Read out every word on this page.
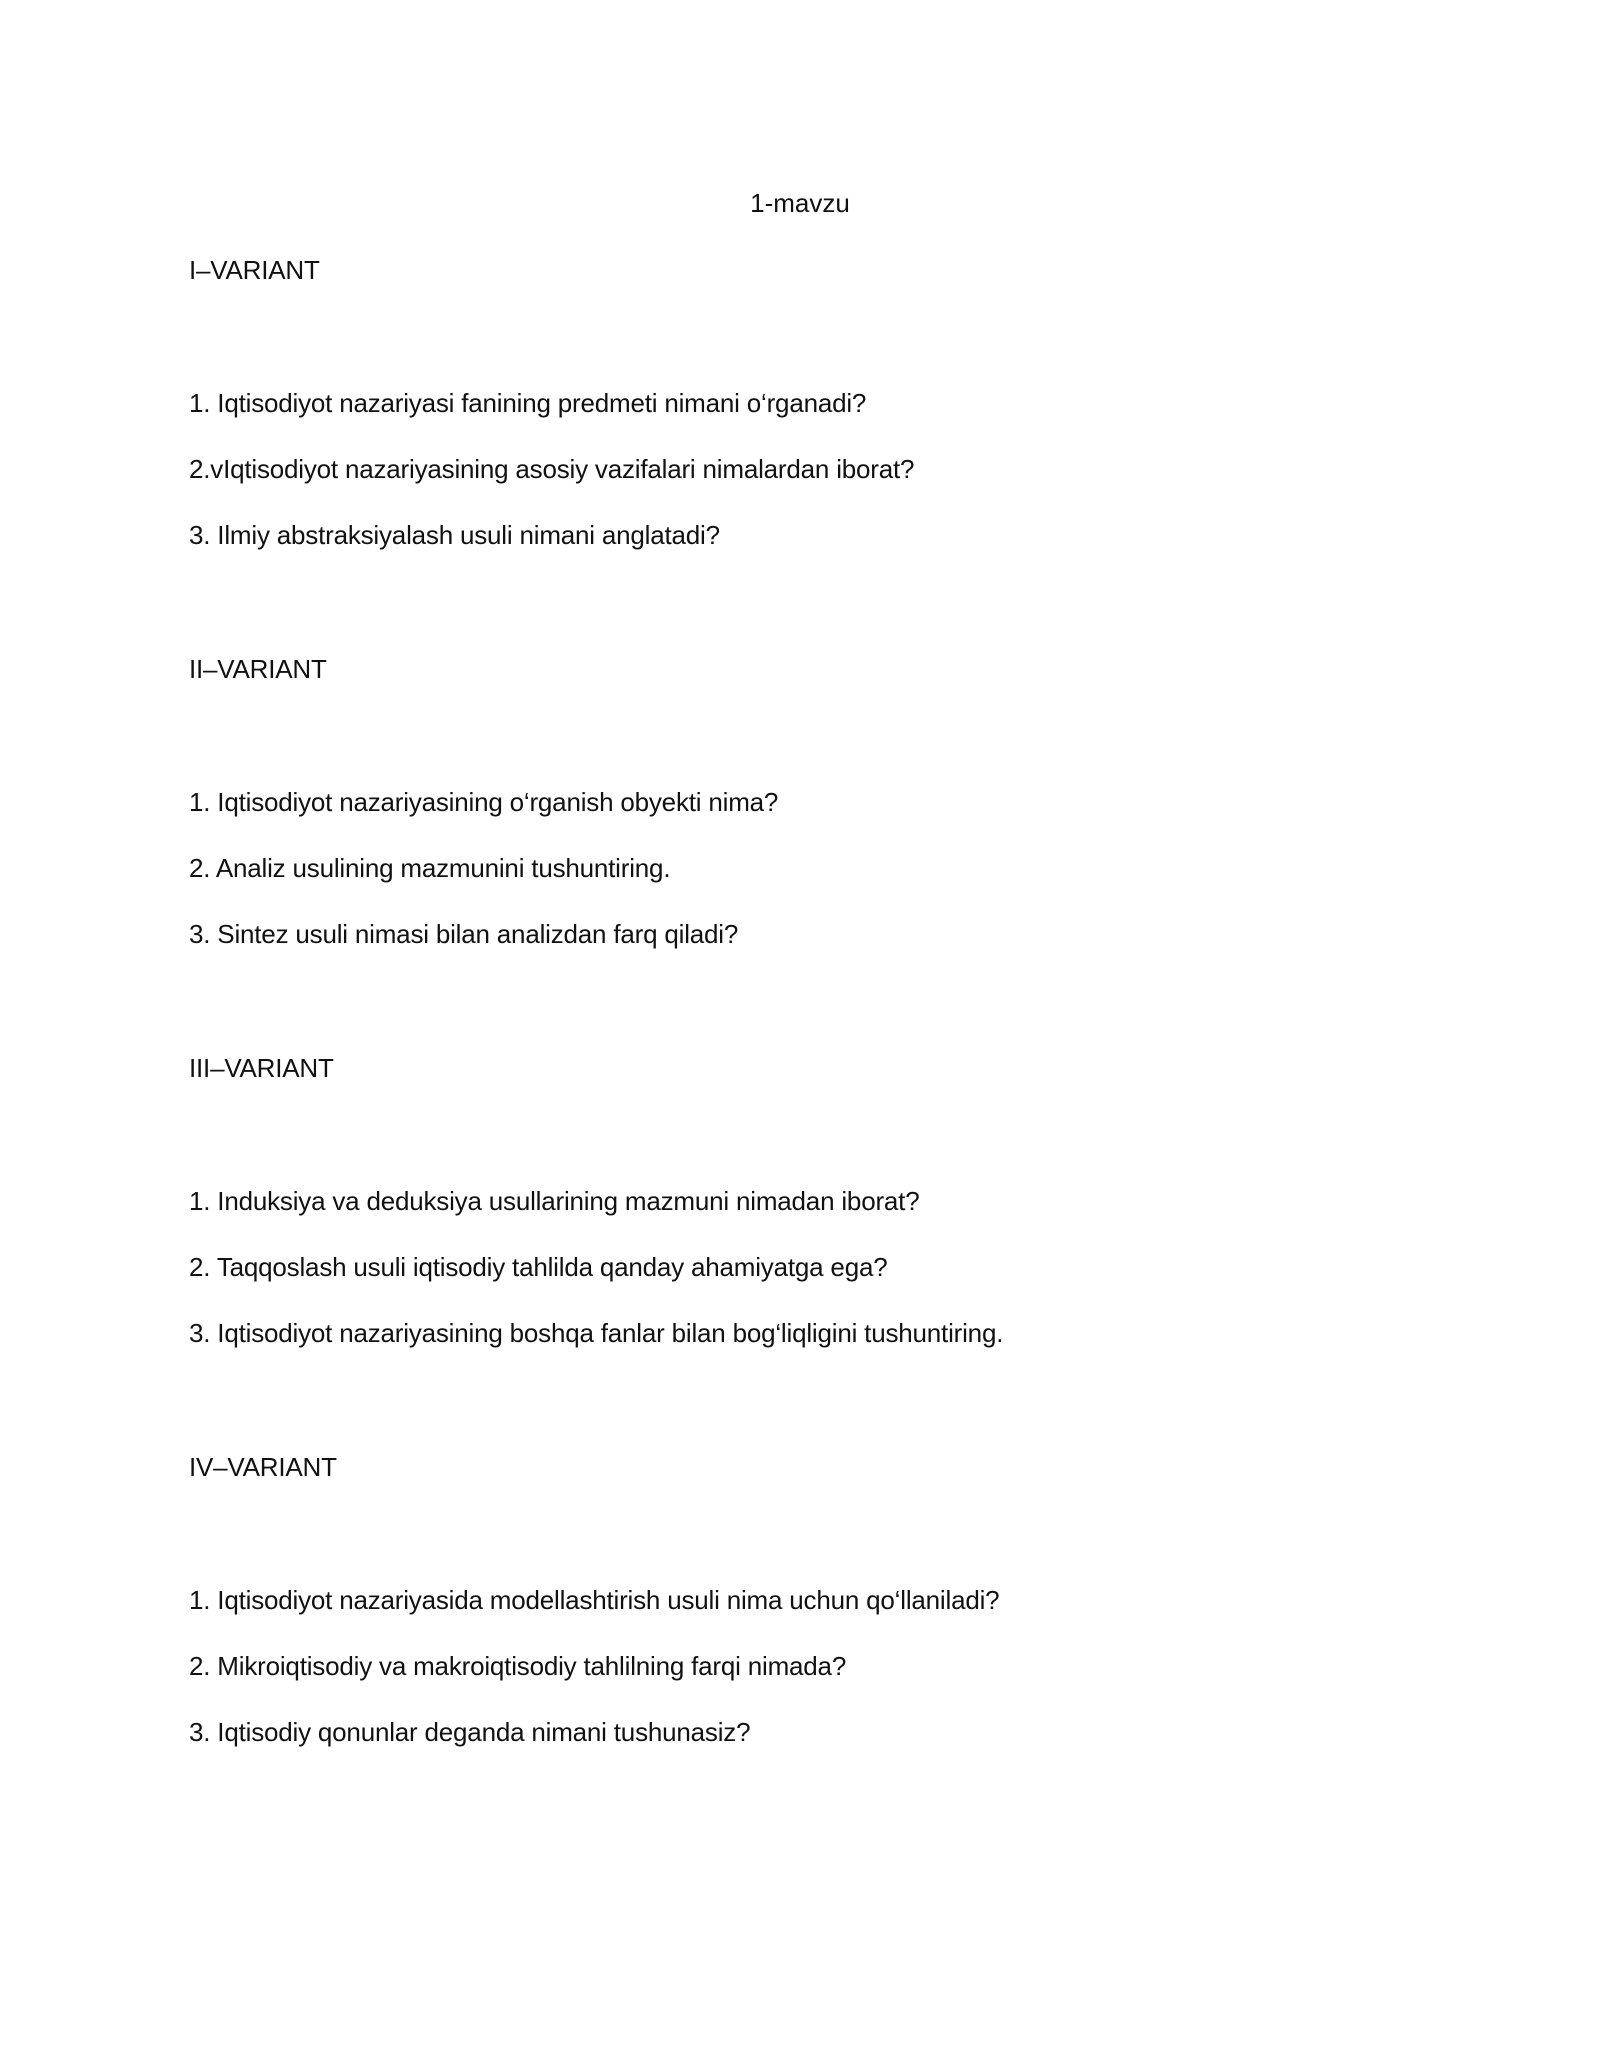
1-mavzu
I–VARIANT
1. Iqtisodiyot nazariyasi fanining predmeti nimani o‘rganadi?
2.vIqtisodiyot nazariyasining asosiy vazifalari nimalardan iborat?
3. Ilmiy abstraksiyalash usuli nimani anglatadi?
II–VARIANT
1. Iqtisodiyot nazariyasining o‘rganish obyekti nima?
2. Analiz usulining mazmunini tushuntiring.
3. Sintez usuli nimasi bilan analizdan farq qiladi?
III–VARIANT
1. Induksiya va deduksiya usullarining mazmuni nimadan iborat?
2. Taqqoslash usuli iqtisodiy tahlilda qanday ahamiyatga ega?
3. Iqtisodiyot nazariyasining boshqa fanlar bilan bog‘liqligini tushuntiring.
IV–VARIANT
1. Iqtisodiyot nazariyasida modellashtirish usuli nima uchun qo‘llaniladi?
2. Mikroiqtisodiy va makroiqtisodiy tahlilning farqi nimada?
3. Iqtisodiy qonunlar deganda nimani tushunasiz?
